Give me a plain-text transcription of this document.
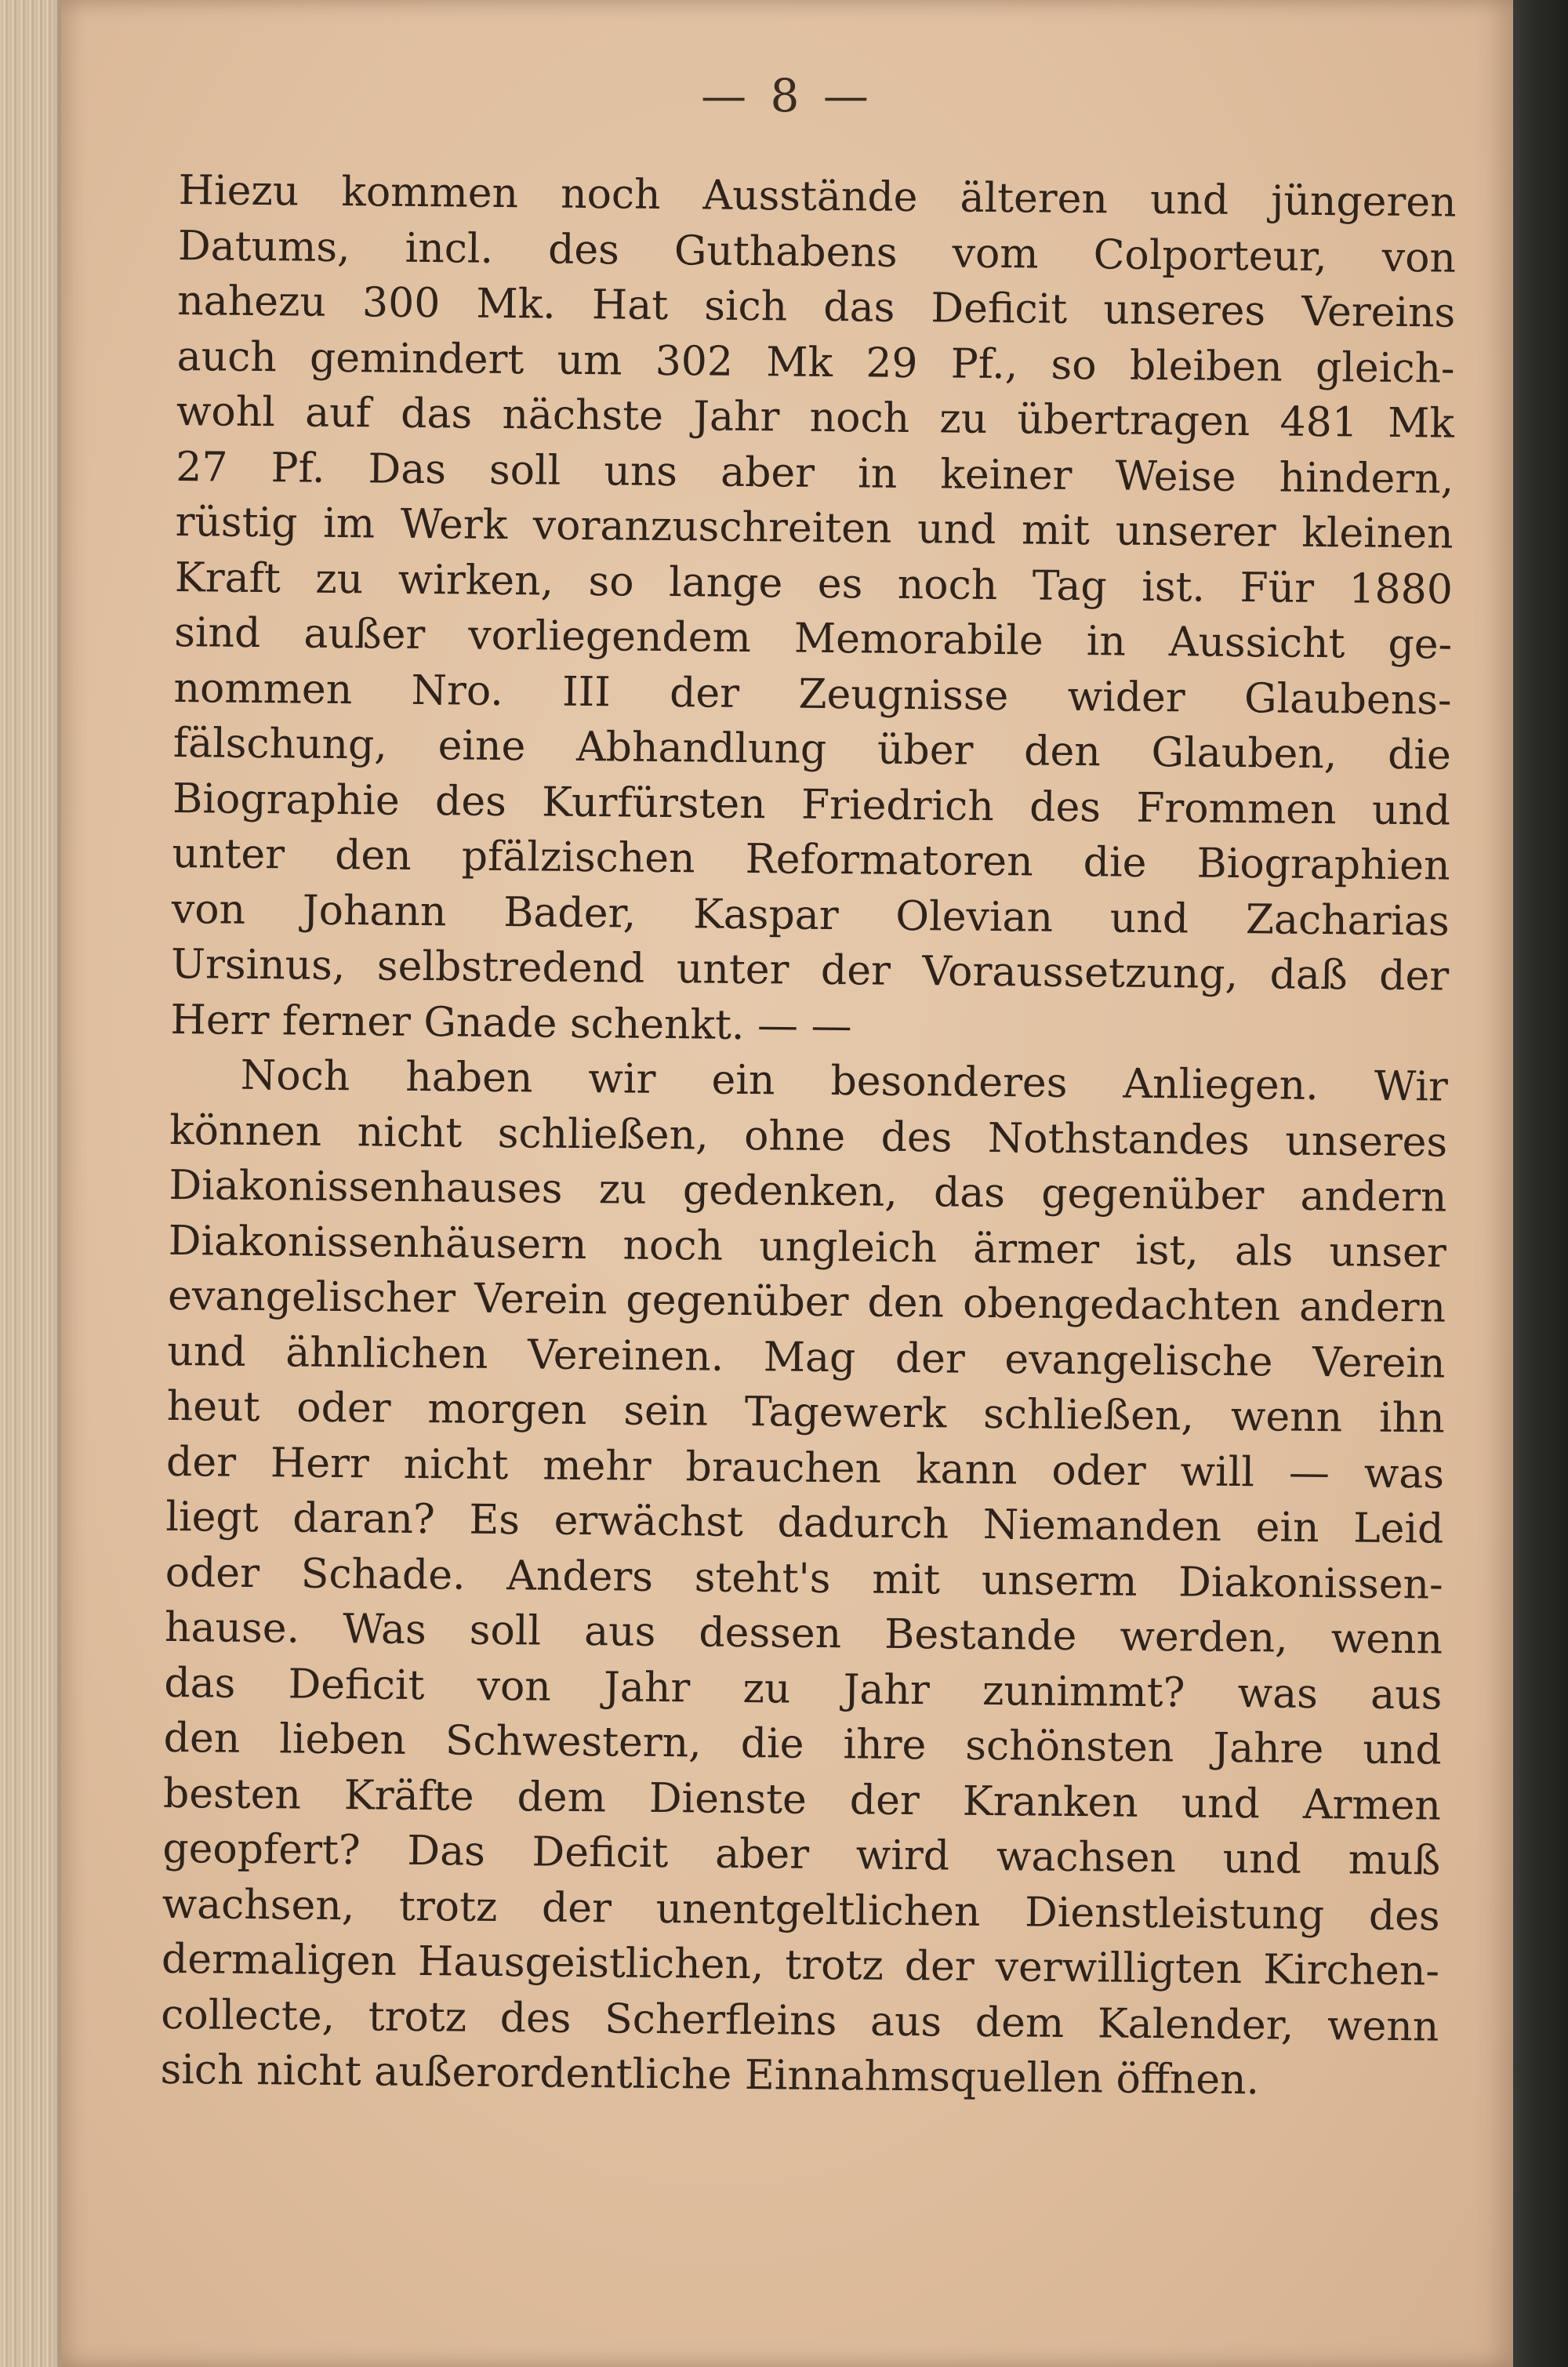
— 8 —
Hiezu kommen noch Ausstände älteren und jüngeren
Datums, incl. des Guthabens vom Colporteur, von
nahezu 300 Mk. Hat sich das Deficit unseres Vereins
auch gemindert um 302 Mk 29 Pf., so bleiben gleich-
wohl auf das nächste Jahr noch zu übertragen 481 Mk
27 Pf. Das soll uns aber in keiner Weise hindern,
rüstig im Werk voranzuschreiten und mit unserer kleinen
Kraft zu wirken, so lange es noch Tag ist. Für 1880
sind außer vorliegendem Memorabile in Aussicht ge-
nommen Nro. III der Zeugnisse wider Glaubens-
fälschung, eine Abhandlung über den Glauben, die
Biographie des Kurfürsten Friedrich des Frommen und
unter den pfälzischen Reformatoren die Biographien
von Johann Bader, Kaspar Olevian und Zacharias
Ursinus, selbstredend unter der Voraussetzung, daß der
Herr ferner Gnade schenkt. — —
Noch haben wir ein besonderes Anliegen. Wir
können nicht schließen, ohne des Nothstandes unseres
Diakonissenhauses zu gedenken, das gegenüber andern
Diakonissenhäusern noch ungleich ärmer ist, als unser
evangelischer Verein gegenüber den obengedachten andern
und ähnlichen Vereinen. Mag der evangelische Verein
heut oder morgen sein Tagewerk schließen, wenn ihn
der Herr nicht mehr brauchen kann oder will — was
liegt daran? Es erwächst dadurch Niemanden ein Leid
oder Schade. Anders steht's mit unserm Diakonissen-
hause. Was soll aus dessen Bestande werden, wenn
das Deficit von Jahr zu Jahr zunimmt? was aus
den lieben Schwestern, die ihre schönsten Jahre und
besten Kräfte dem Dienste der Kranken und Armen
geopfert? Das Deficit aber wird wachsen und muß
wachsen, trotz der unentgeltlichen Dienstleistung des
dermaligen Hausgeistlichen, trotz der verwilligten Kirchen-
collecte, trotz des Scherfleins aus dem Kalender, wenn
sich nicht außerordentliche Einnahmsquellen öffnen.
